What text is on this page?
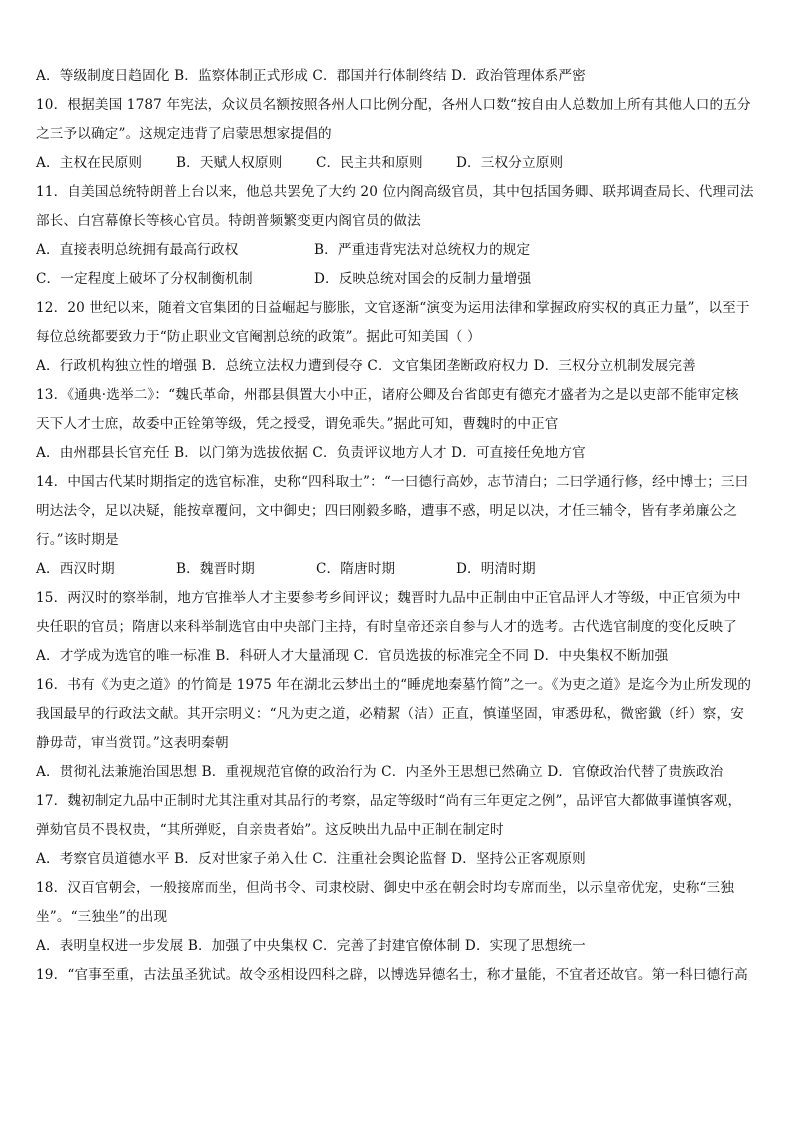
A．等级制度日趋固化 B．监察体制正式形成 C．郡国并行体制终结 D．政治管理体系严密
10．根据美国 1787 年宪法，众议员名额按照各州人口比例分配，各州人口数“按自由人总数加上所有其他人口的五分
之三予以确定”。这规定违背了启蒙思想家提倡的
A．主权在民原则	B．天赋人权原则	C．民主共和原则	D．三权分立原则
11．自美国总统特朗普上台以来，他总共罢免了大约 20 位内阁高级官员，其中包括国务卿、联邦调查局长、代理司法
部长、白宫幕僚长等核心官员。特朗普频繁变更内阁官员的做法
A．直接表明总统拥有最高行政权	B．严重违背宪法对总统权力的规定
C．一定程度上破坏了分权制衡机制	D．反映总统对国会的反制力量增强
12．20 世纪以来，随着文官集团的日益崛起与膨胀，文官逐渐“演变为运用法律和掌握政府实权的真正力量”，以至于
每位总统都要致力于“防止职业文官阉割总统的政策”。据此可知美国（ ）
A．行政机构独立性的增强 B．总统立法权力遭到侵夺 C．文官集团垄断政府权力 D．三权分立机制发展完善
13．《通典·选举二》：“魏氏革命，州郡县俱置大小中正，诸府公卿及台省郎吏有德充才盛者为之是以吏部不能审定核
天下人才士庶，故委中正铨第等级，凭之授受，谓免乖失。”据此可知，曹魏时的中正官
A．由州郡县长官充任 B．以门第为选拔依据 C．负责评议地方人才 D．可直接任免地方官
14．中国古代某时期指定的选官标准，史称“四科取士”：“一曰德行高妙，志节清白；二曰学通行修，经中博士；三曰
明达法令，足以决疑，能按章覆问，文中御史；四曰刚毅多略，遭事不惑，明足以决，才任三辅令，皆有孝弟廉公之
行。”该时期是
A．西汉时期	B．魏晋时期	C．隋唐时期	D．明清时期
15．两汉时的察举制，地方官推举人才主要参考乡间评议；魏晋时九品中正制由中正官品评人才等级，中正官须为中
央任职的官员；隋唐以来科举制选官由中央部门主持，有时皇帝还亲自参与人才的选考。古代选官制度的变化反映了
A．才学成为选官的唯一标准 B．科研人才大量涌现 C．官员选拔的标准完全不同 D．中央集权不断加强
16．书有《为吏之道》的竹简是 1975 年在湖北云梦出土的“睡虎地秦墓竹简”之一。《为吏之道》是迄今为止所发现的
我国最早的行政法文献。其开宗明义：“凡为吏之道，必精絜（洁）正直，慎谨坚固，审悉毋私，微密韱（纤）察，安
静毋苛，审当赏罚。”这表明秦朝
A．贯彻礼法兼施治国思想 B．重视规范官僚的政治行为 C．内圣外王思想已然确立 D．官僚政治代替了贵族政治
17．魏初制定九品中正制时尤其注重对其品行的考察，品定等级时“尚有三年更定之例”，品评官大都做事谨慎客观，
弹劾官员不畏权贵，“其所弹贬，自亲贵者始”。这反映出九品中正制在制定时
A．考察官员道德水平 B．反对世家子弟入仕 C．注重社会舆论监督 D．坚持公正客观原则
18．汉百官朝会，一般接席而坐，但尚书令、司隶校尉、御史中丞在朝会时均专席而坐，以示皇帝优宠，史称“三独
坐”。“三独坐”的出现
A．表明皇权进一步发展 B．加强了中央集权 C．完善了封建官僚体制 D．实现了思想统一
19．“官事至重，古法虽圣犹试。故令丞相设四科之辟，以博选异德名士，称才量能，不宜者还故官。第一科曰德行高
